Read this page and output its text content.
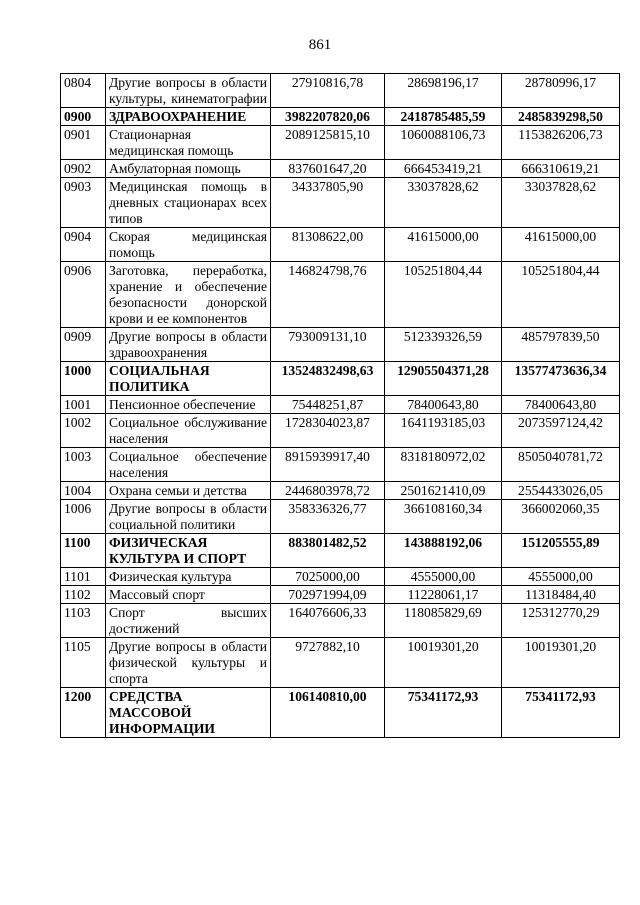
861
0804	Другие вопросы в области культуры, кинематографии	27910816,78	28698196,17	28780996,17
0900	ЗДРАВООХРАНЕНИЕ	3982207820,06	2418785485,59	2485839298,50
0901	Стационарная медицинская помощь	2089125815,10	1060088106,73	1153826206,73
0902	Амбулаторная помощь	837601647,20	666453419,21	666310619,21
0903	Медицинская помощь в дневных стационарах всех типов	34337805,90	33037828,62	33037828,62
0904	Скорая медицинская помощь	81308622,00	41615000,00	41615000,00
0906	Заготовка, переработка, хранение и обеспечение безопасности донорской крови и ее компонентов	146824798,76	105251804,44	105251804,44
0909	Другие вопросы в области здравоохранения	793009131,10	512339326,59	485797839,50
1000	СОЦИАЛЬНАЯ ПОЛИТИКА	13524832498,63	12905504371,28	13577473636,34
1001	Пенсионное обеспечение	75448251,87	78400643,80	78400643,80
1002	Социальное обслуживание населения	1728304023,87	1641193185,03	2073597124,42
1003	Социальное обеспечение населения	8915939917,40	8318180972,02	8505040781,72
1004	Охрана семьи и детства	2446803978,72	2501621410,09	2554433026,05
1006	Другие вопросы в области социальной политики	358336326,77	366108160,34	366002060,35
1100	ФИЗИЧЕСКАЯ КУЛЬТУРА И СПОРТ	883801482,52	143888192,06	151205555,89
1101	Физическая культура	7025000,00	4555000,00	4555000,00
1102	Массовый спорт	702971994,09	11228061,17	11318484,40
1103	Спорт высших достижений	164076606,33	118085829,69	125312770,29
1105	Другие вопросы в области физической культуры и спорта	9727882,10	10019301,20	10019301,20
1200	СРЕДСТВА МАССОВОЙ ИНФОРМАЦИИ	106140810,00	75341172,93	75341172,93
